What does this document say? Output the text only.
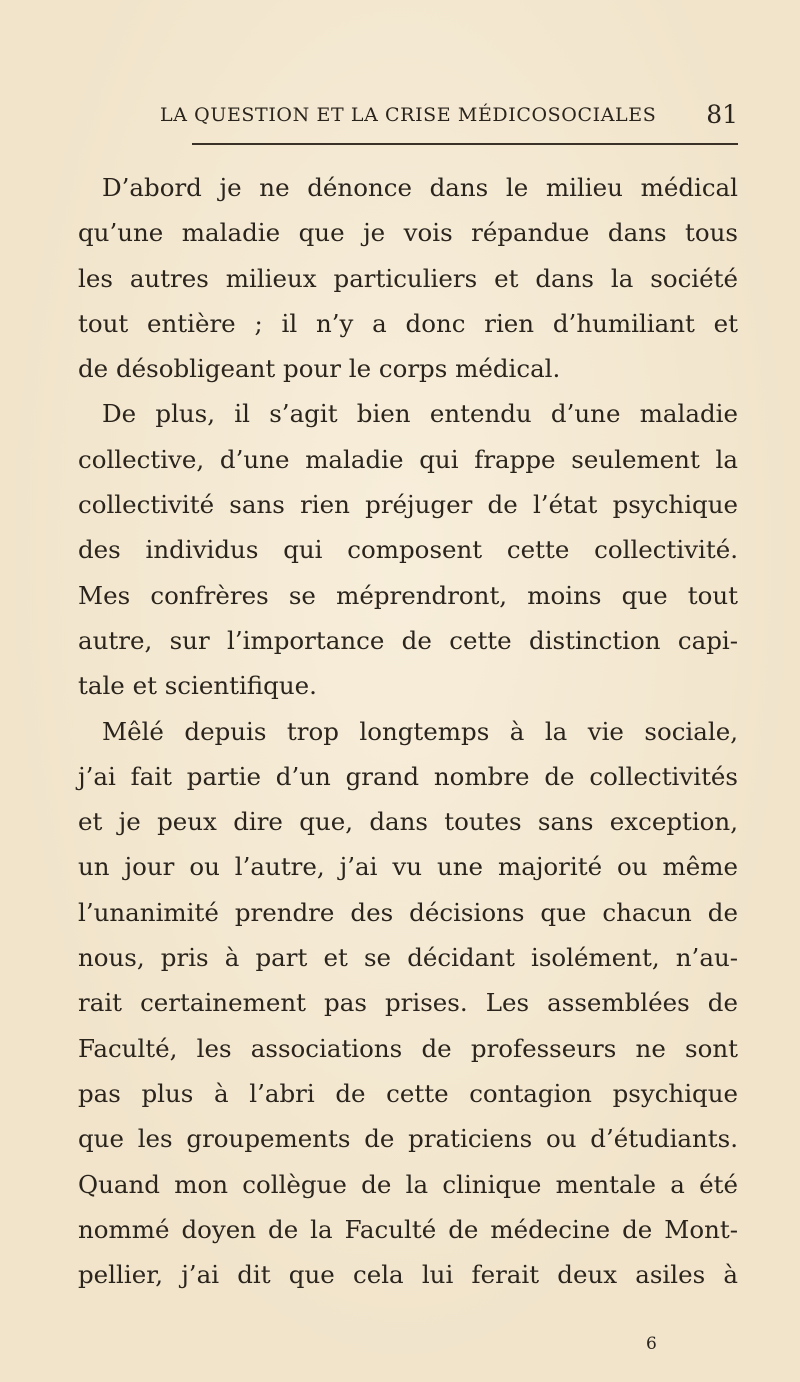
LA QUESTION ET LA CRISE MÉDICOSOCIALES 81
D’abord je ne dénonce dans le milieu médical
qu’une maladie que je vois répandue dans tous
les autres milieux particuliers et dans la société
tout entière ; il n’y a donc rien d’humiliant et
de désobligeant pour le corps médical.
De plus, il s’agit bien entendu d’une maladie
collective, d’une maladie qui frappe seulement la
collectivité sans rien préjuger de l’état psychique
des individus qui composent cette collectivité.
Mes confrères se méprendront, moins que tout
autre, sur l’importance de cette distinction capi-
tale et scientifique.
Mêlé depuis trop longtemps à la vie sociale,
j’ai fait partie d’un grand nombre de collectivités
et je peux dire que, dans toutes sans exception,
un jour ou l’autre, j’ai vu une majorité ou même
l’unanimité prendre des décisions que chacun de
nous, pris à part et se décidant isolément, n’au-
rait certainement pas prises. Les assemblées de
Faculté, les associations de professeurs ne sont
pas plus à l’abri de cette contagion psychique
que les groupements de praticiens ou d’étudiants.
Quand mon collègue de la clinique mentale a été
nommé doyen de la Faculté de médecine de Mont-
pellier, j’ai dit que cela lui ferait deux asiles à
6
